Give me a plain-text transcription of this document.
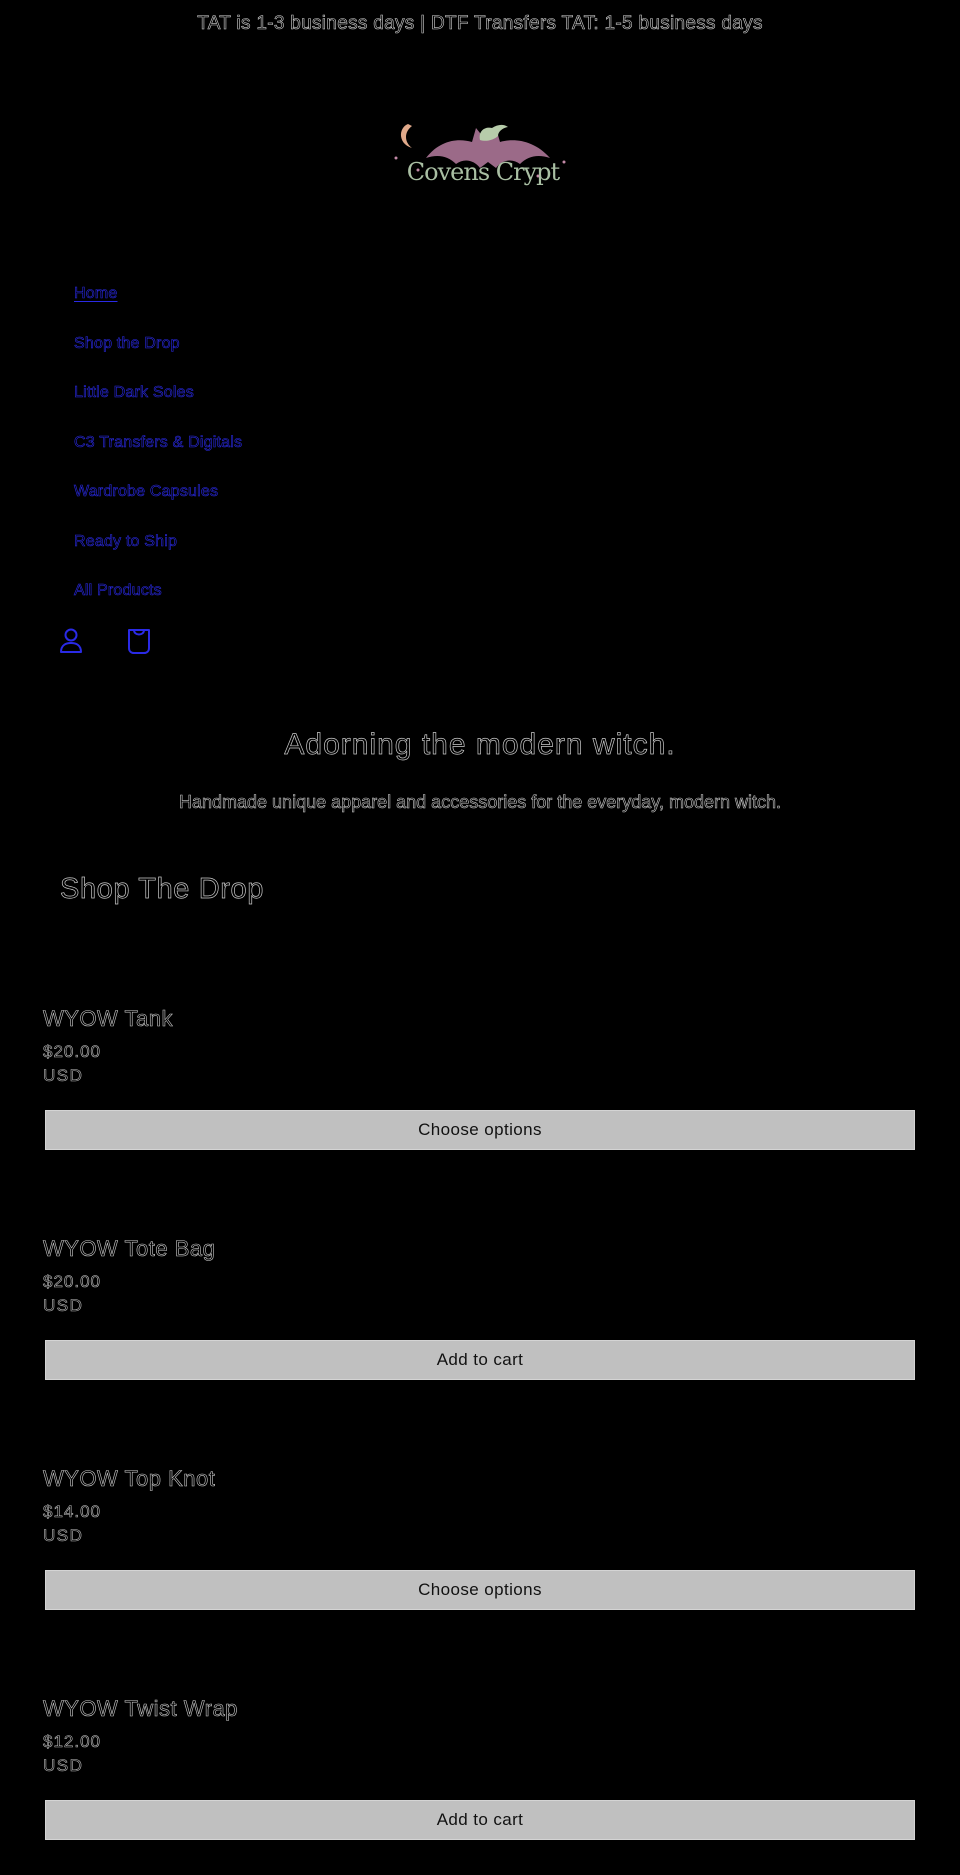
TAT is 1-3 business days | DTF Transfers TAT: 1-5 business days
Covens Crypt
Home
Shop the Drop
Little Dark Soles
C3 Transfers & Digitals
Wardrobe Capsules
Ready to Ship
All Products
Adorning the modern witch.

Handmade unique apparel and accessories for the everyday, modern witch.

Shop The Drop
WYOW Tank
$20.00
USD
Choose options
WYOW Tote Bag
$20.00
USD
Add to cart
WYOW Top Knot
$14.00
USD
Choose options
WYOW Twist Wrap
$12.00
USD
Add to cart
